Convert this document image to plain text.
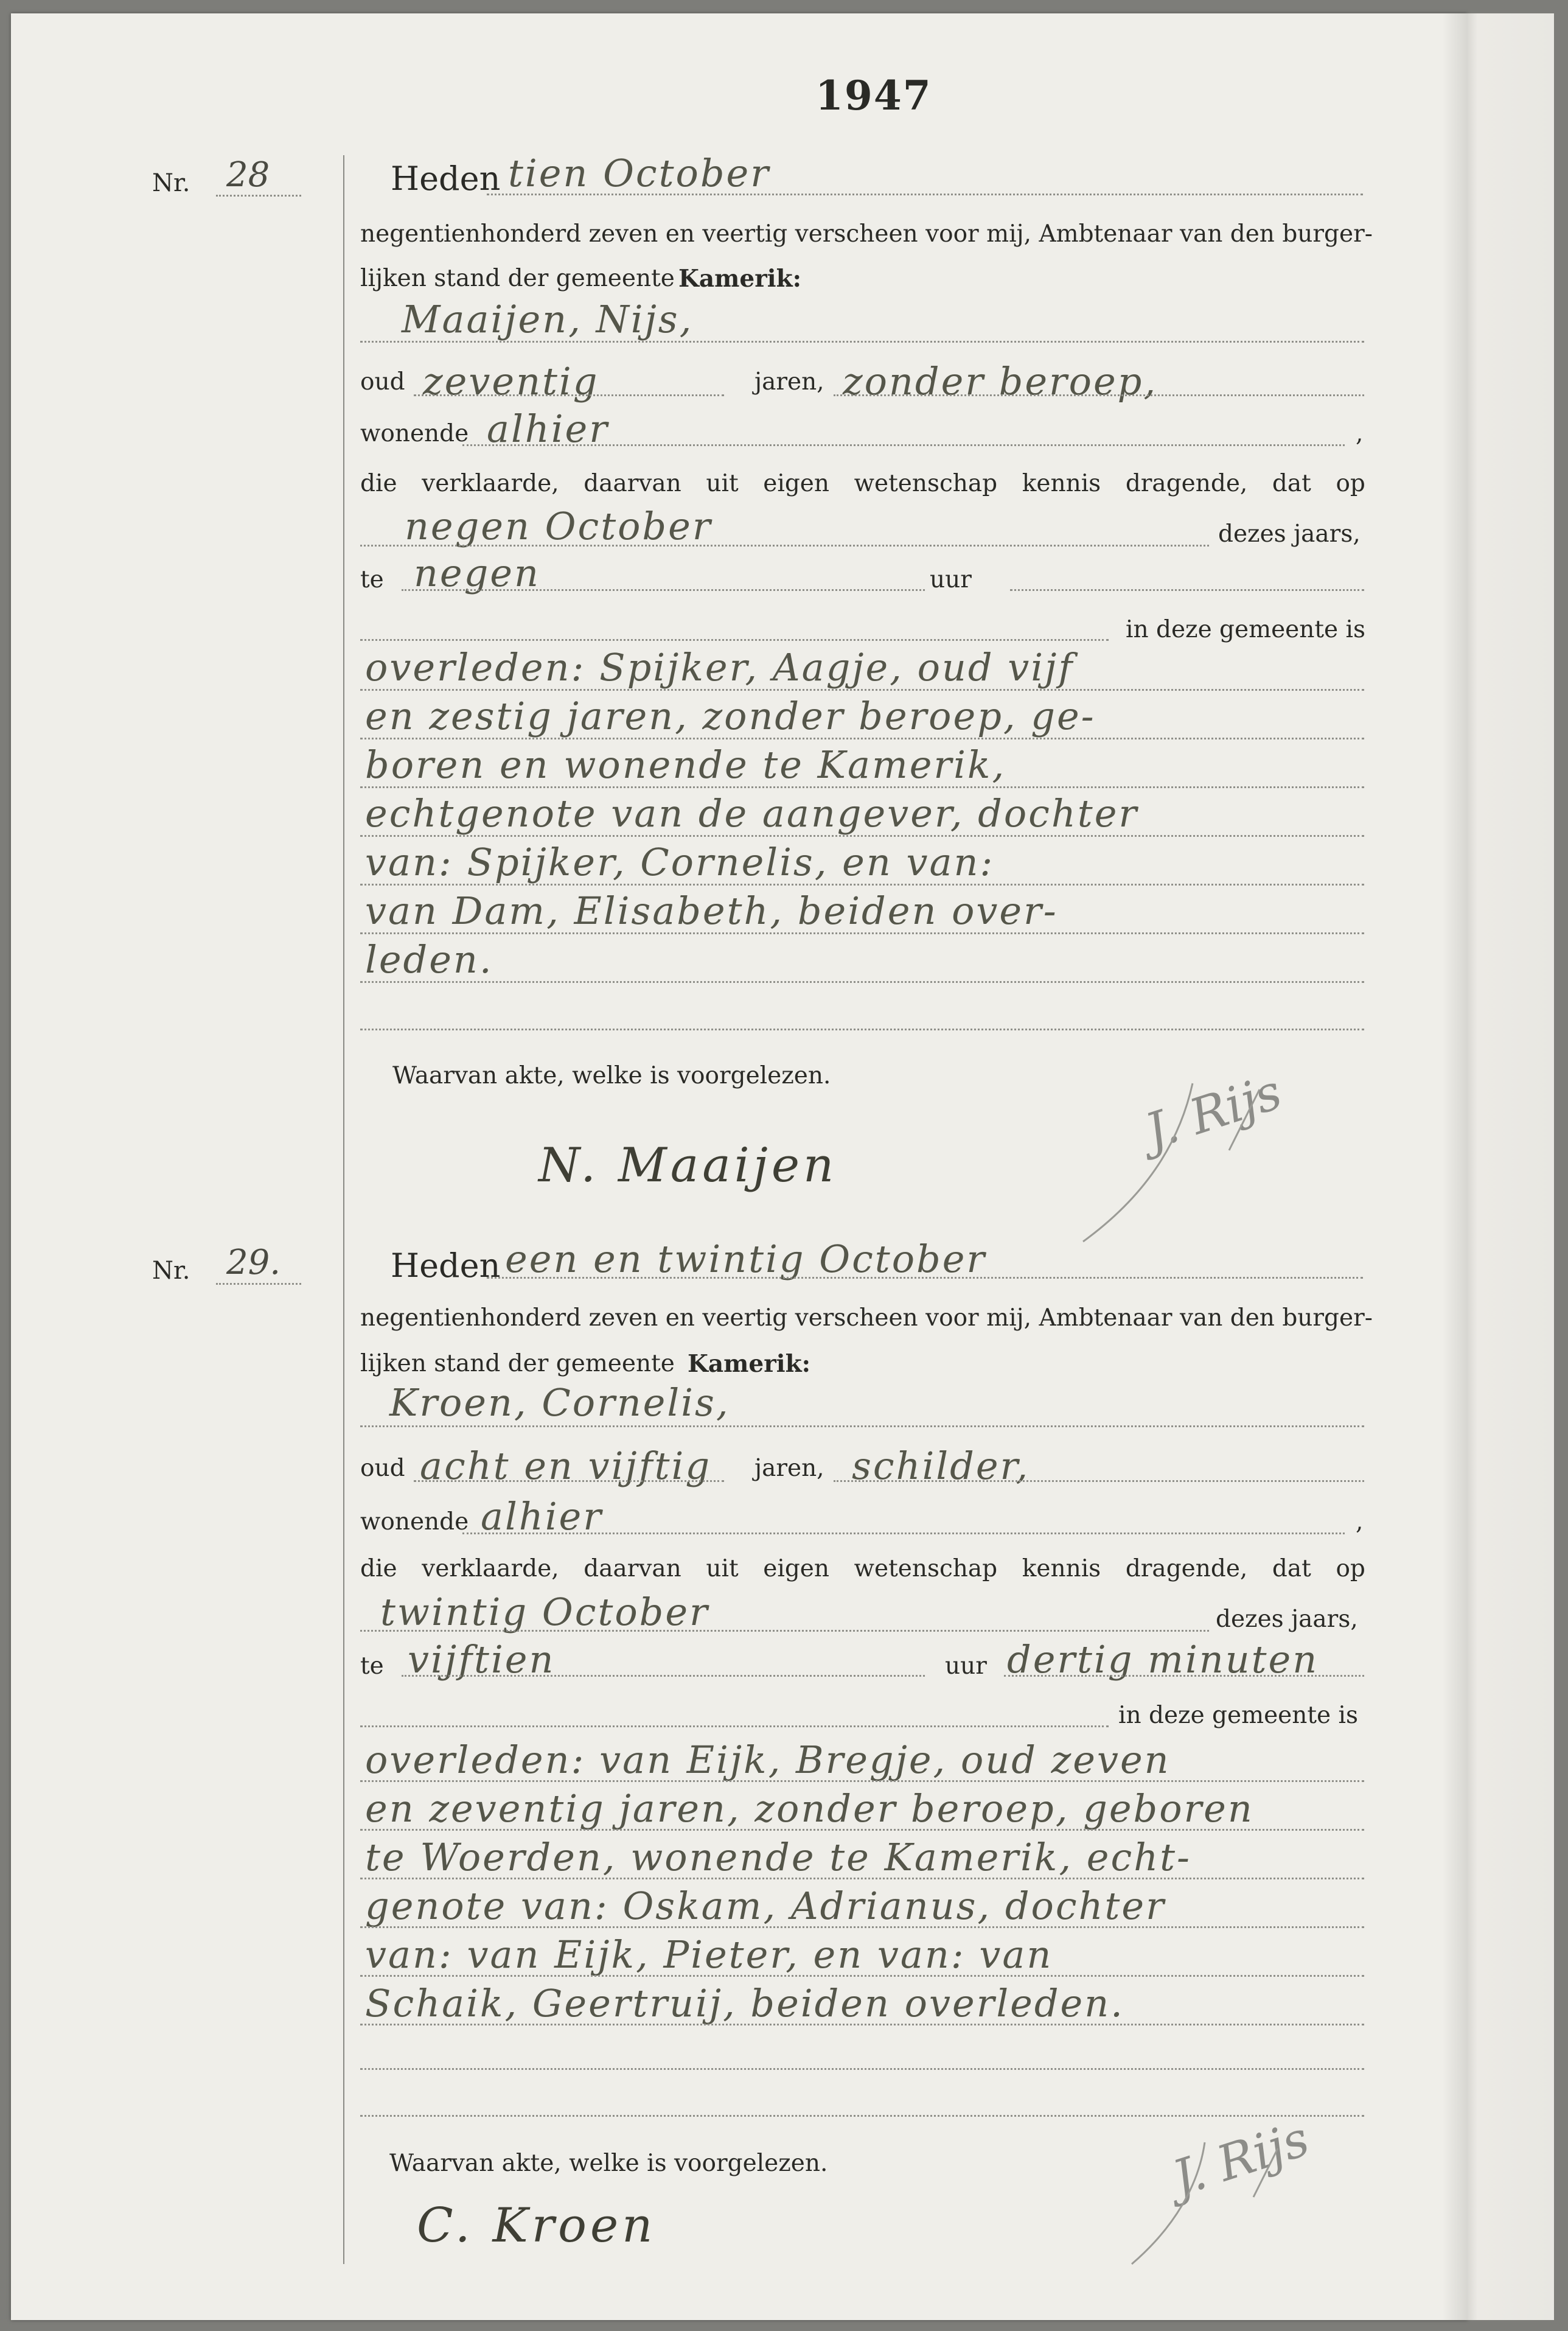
1947
Nr. 28	Heden tien October
negentienhonderd zeven en veertig verscheen voor mij, Ambtenaar van den burger-
lijken stand der gemeente Kamerik:
Maaijen, Nijs,
oud zeventig	jaren, zonder beroep,
wonende alhier	,
die verklaarde, daarvan uit eigen wetenschap kennis dragende, dat op
negen October	dezes jaars,
te negen	uur
in deze gemeente is
overleden: Spijker, Aagje, oud vijf
en zestig jaren, zonder beroep, ge-
boren en wonende te Kamerik,
echtgenote van de aangever, dochter
van: Spijker, Cornelis, en van:
van Dam, Elisabeth, beiden over-
leden.
Waarvan akte, welke is voorgelezen.
N. Maaijen
J. Rijs
Nr. 29.	Heden een en twintig October
negentienhonderd zeven en veertig verscheen voor mij, Ambtenaar van den burger-
lijken stand der gemeente Kamerik:
Kroen, Cornelis,
oud acht en vijftig jaren, schilder,
wonende alhier	,
die verklaarde, daarvan uit eigen wetenschap kennis dragende, dat op
twintig October	dezes jaars,
te vijftien	uur dertig minuten
in deze gemeente is
overleden: van Eijk, Bregje, oud zeven
en zeventig jaren, zonder beroep, geboren
te Woerden, wonende te Kamerik, echt-
genote van: Oskam, Adrianus, dochter
van: van Eijk, Pieter, en van: van
Schaik, Geertruij, beiden overleden.
Waarvan akte, welke is voorgelezen.
C. Kroen
J. Rijs
